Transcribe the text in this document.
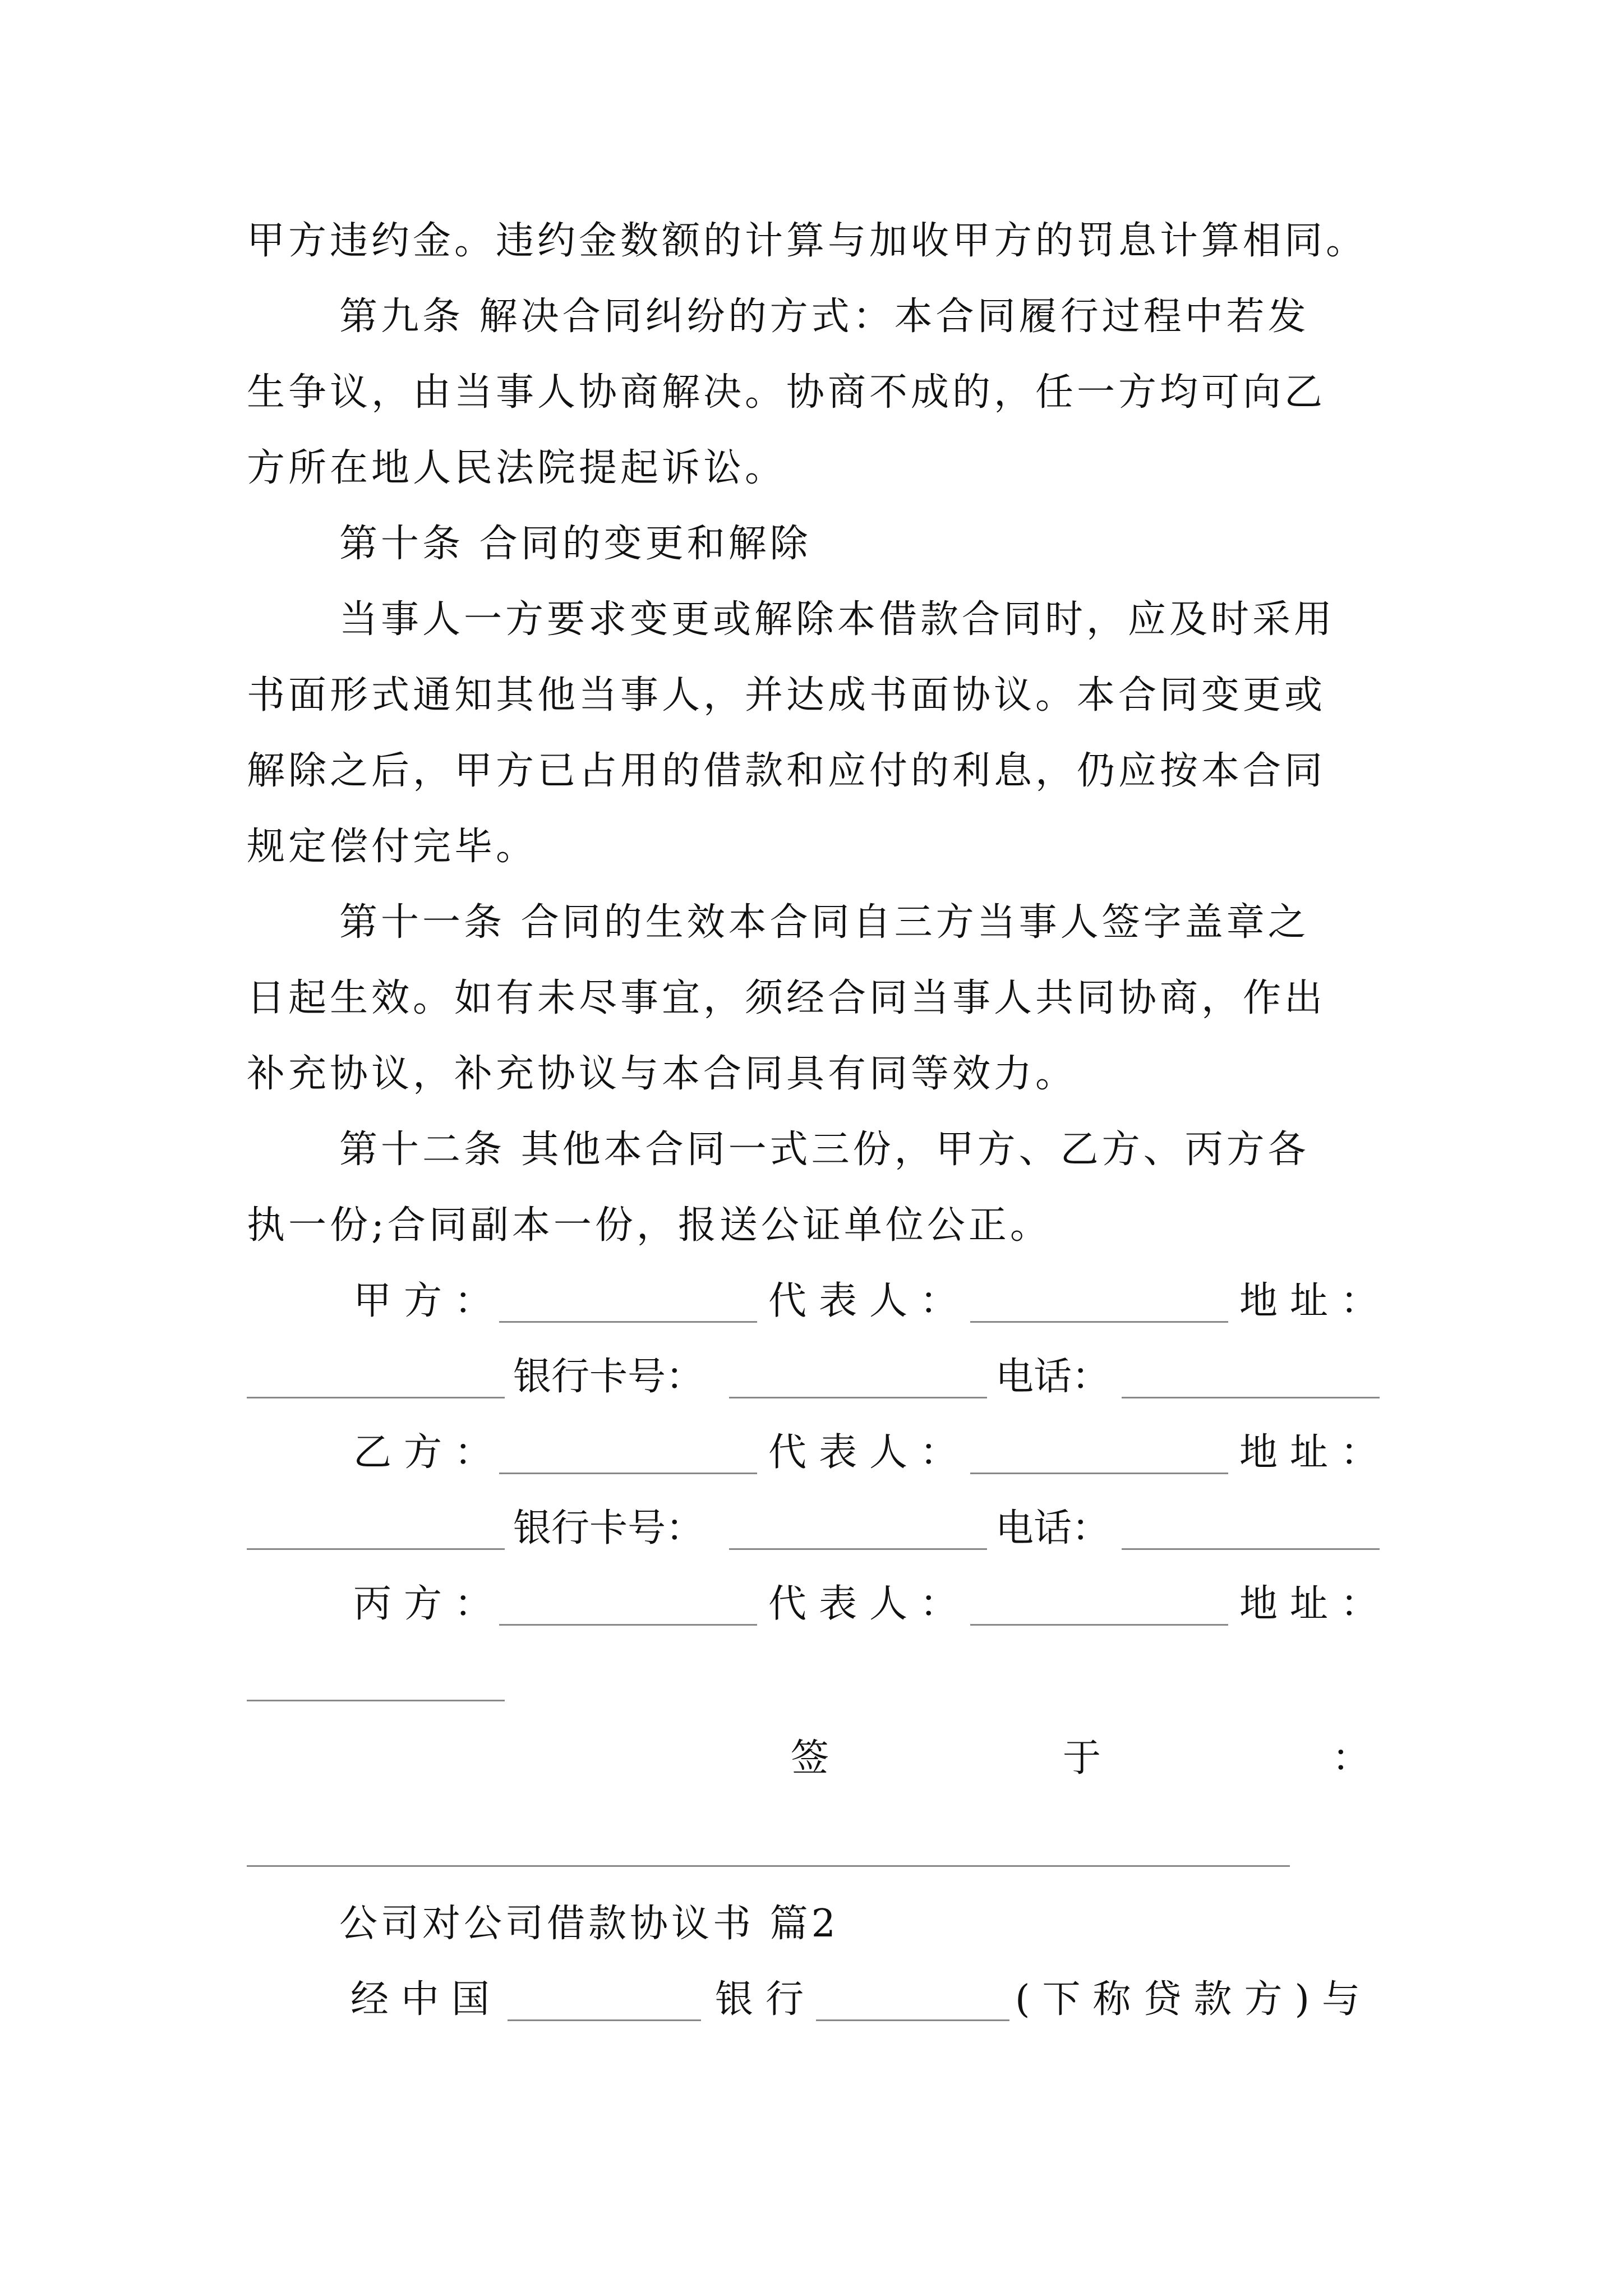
甲方违约金。违约金数额的计算与加收甲方的罚息计算相同。
第九条 解决合同纠纷的方式：本合同履行过程中若发
生争议，由当事人协商解决。协商不成的，任一方均可向乙
方所在地人民法院提起诉讼。
第十条 合同的变更和解除
当事人一方要求变更或解除本借款合同时，应及时采用
书面形式通知其他当事人，并达成书面协议。本合同变更或
解除之后，甲方已占用的借款和应付的利息，仍应按本合同
规定偿付完毕。
第十一条 合同的生效本合同自三方当事人签字盖章之
日起生效。如有未尽事宜，须经合同当事人共同协商，作出
补充协议，补充协议与本合同具有同等效力。
第十二条 其他本合同一式三份，甲方、乙方、丙方各
执一份;合同副本一份，报送公证单位公正。
甲方：	代表人：	地址：
银行卡号：	电话：
乙方：	代表人：	地址：
银行卡号：	电话：
丙方：	代表人：	地址：
签	于	：
公司对公司借款协议书 篇2
经中国	银行	(下称贷款方)与
